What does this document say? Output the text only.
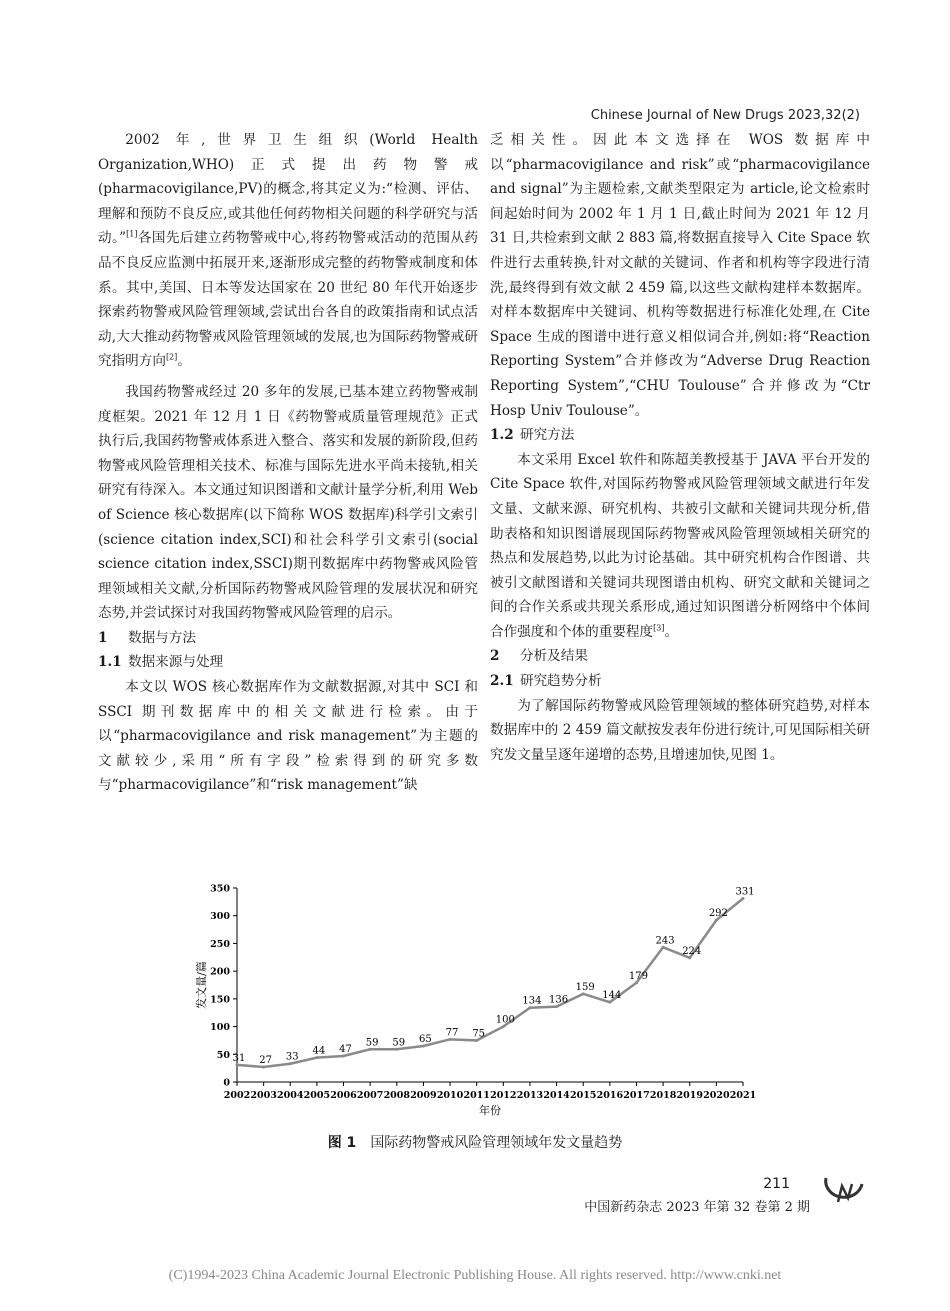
Chinese Journal of New Drugs 2023,32(2)

2002 年,世界卫生组织(World Health Organization,WHO)正式提出药物警戒(pharmacovigilance,PV)的概念,将其定义为:“检测、评估、理解和预防不良反应,或其他任何药物相关问题的科学研究与活动。”[1]各国先后建立药物警戒中心,将药物警戒活动的范围从药品不良反应监测中拓展开来,逐渐形成完整的药物警戒制度和体系。其中,美国、日本等发达国家在 20 世纪 80 年代开始逐步探索药物警戒风险管理领域,尝试出台各自的政策指南和试点活动,大大推动药物警戒风险管理领域的发展,也为国际药物警戒研究指明方向[2]。

我国药物警戒经过 20 多年的发展,已基本建立药物警戒制度框架。2021 年 12 月 1 日《药物警戒质量管理规范》正式执行后,我国药物警戒体系进入整合、落实和发展的新阶段,但药物警戒风险管理相关技术、标准与国际先进水平尚未接轨,相关研究有待深入。本文通过知识图谱和文献计量学分析,利用 Web of Science 核心数据库(以下简称 WOS 数据库)科学引文索引(science citation index,SCI)和社会科学引文索引(social science citation index,SSCI)期刊数据库中药物警戒风险管理领域相关文献,分析国际药物警戒风险管理的发展状况和研究态势,并尝试探讨对我国药物警戒风险管理的启示。

1 数据与方法
1.1 数据来源与处理

本文以 WOS 核心数据库作为文献数据源,对其中 SCI 和 SSCI 期刊数据库中的相关文献进行检索。由于以“pharmacovigilance and risk management”为主题的文献较少,采用“所有字段”检索得到的研究多数与“pharmacovigilance”和“risk management”缺

乏相关性。因此本文选择在 WOS 数据库中以“pharmacovigilance and risk”或“pharmacovigilance and signal”为主题检索,文献类型限定为 article,论文检索时间起始时间为 2002 年 1 月 1 日,截止时间为 2021 年 12 月 31 日,共检索到文献 2 883 篇,将数据直接导入 Cite Space 软件进行去重转换,针对文献的关键词、作者和机构等字段进行清洗,最终得到有效文献 2 459 篇,以这些文献构建样本数据库。对样本数据库中关键词、机构等数据进行标准化处理,在 Cite Space 生成的图谱中进行意义相似词合并,例如:将“Reaction Reporting System”合并修改为“Adverse Drug Reaction Reporting System”,“CHU Toulouse”合并修改为“Ctr Hosp Univ Toulouse”。

1.2 研究方法

本文采用 Excel 软件和陈超美教授基于 JAVA 平台开发的 Cite Space 软件,对国际药物警戒风险管理领域文献进行年发文量、文献来源、研究机构、共被引文献和关键词共现分析,借助表格和知识图谱展现国际药物警戒风险管理领域相关研究的热点和发展趋势,以此为讨论基础。其中研究机构合作图谱、共被引文献图谱和关键词共现图谱由机构、研究文献和关键词之间的合作关系或共现关系形成,通过知识图谱分析网络中个体间合作强度和个体的重要程度[3]。

2 分析及结果
2.1 研究趋势分析

为了解国际药物警戒风险管理领域的整体研究趋势,对样本数据库中的 2 459 篇文献按发表年份进行统计,可见国际相关研究发文量呈逐年递增的态势,且增速加快,见图 1。

0
50
100
150
200
250
300
350
2002 2003 2004 2005 2006 2007 2008 2009 2010 2011 2012 2013 2014 2015 2016 2017 2018 2019 2020 2021
31 27 33
44 47
59 59 65
77 75
100
134 136
159
144
179
243
224
292
331
年份
发文量/篇
图 1 国际药物警戒风险管理领域年发文量趋势
211
中国新药杂志 2023 年第 32 卷第 2 期
(C)1994-2023 China Academic Journal Electronic Publishing House. All rights reserved. http://www.cnki.net
